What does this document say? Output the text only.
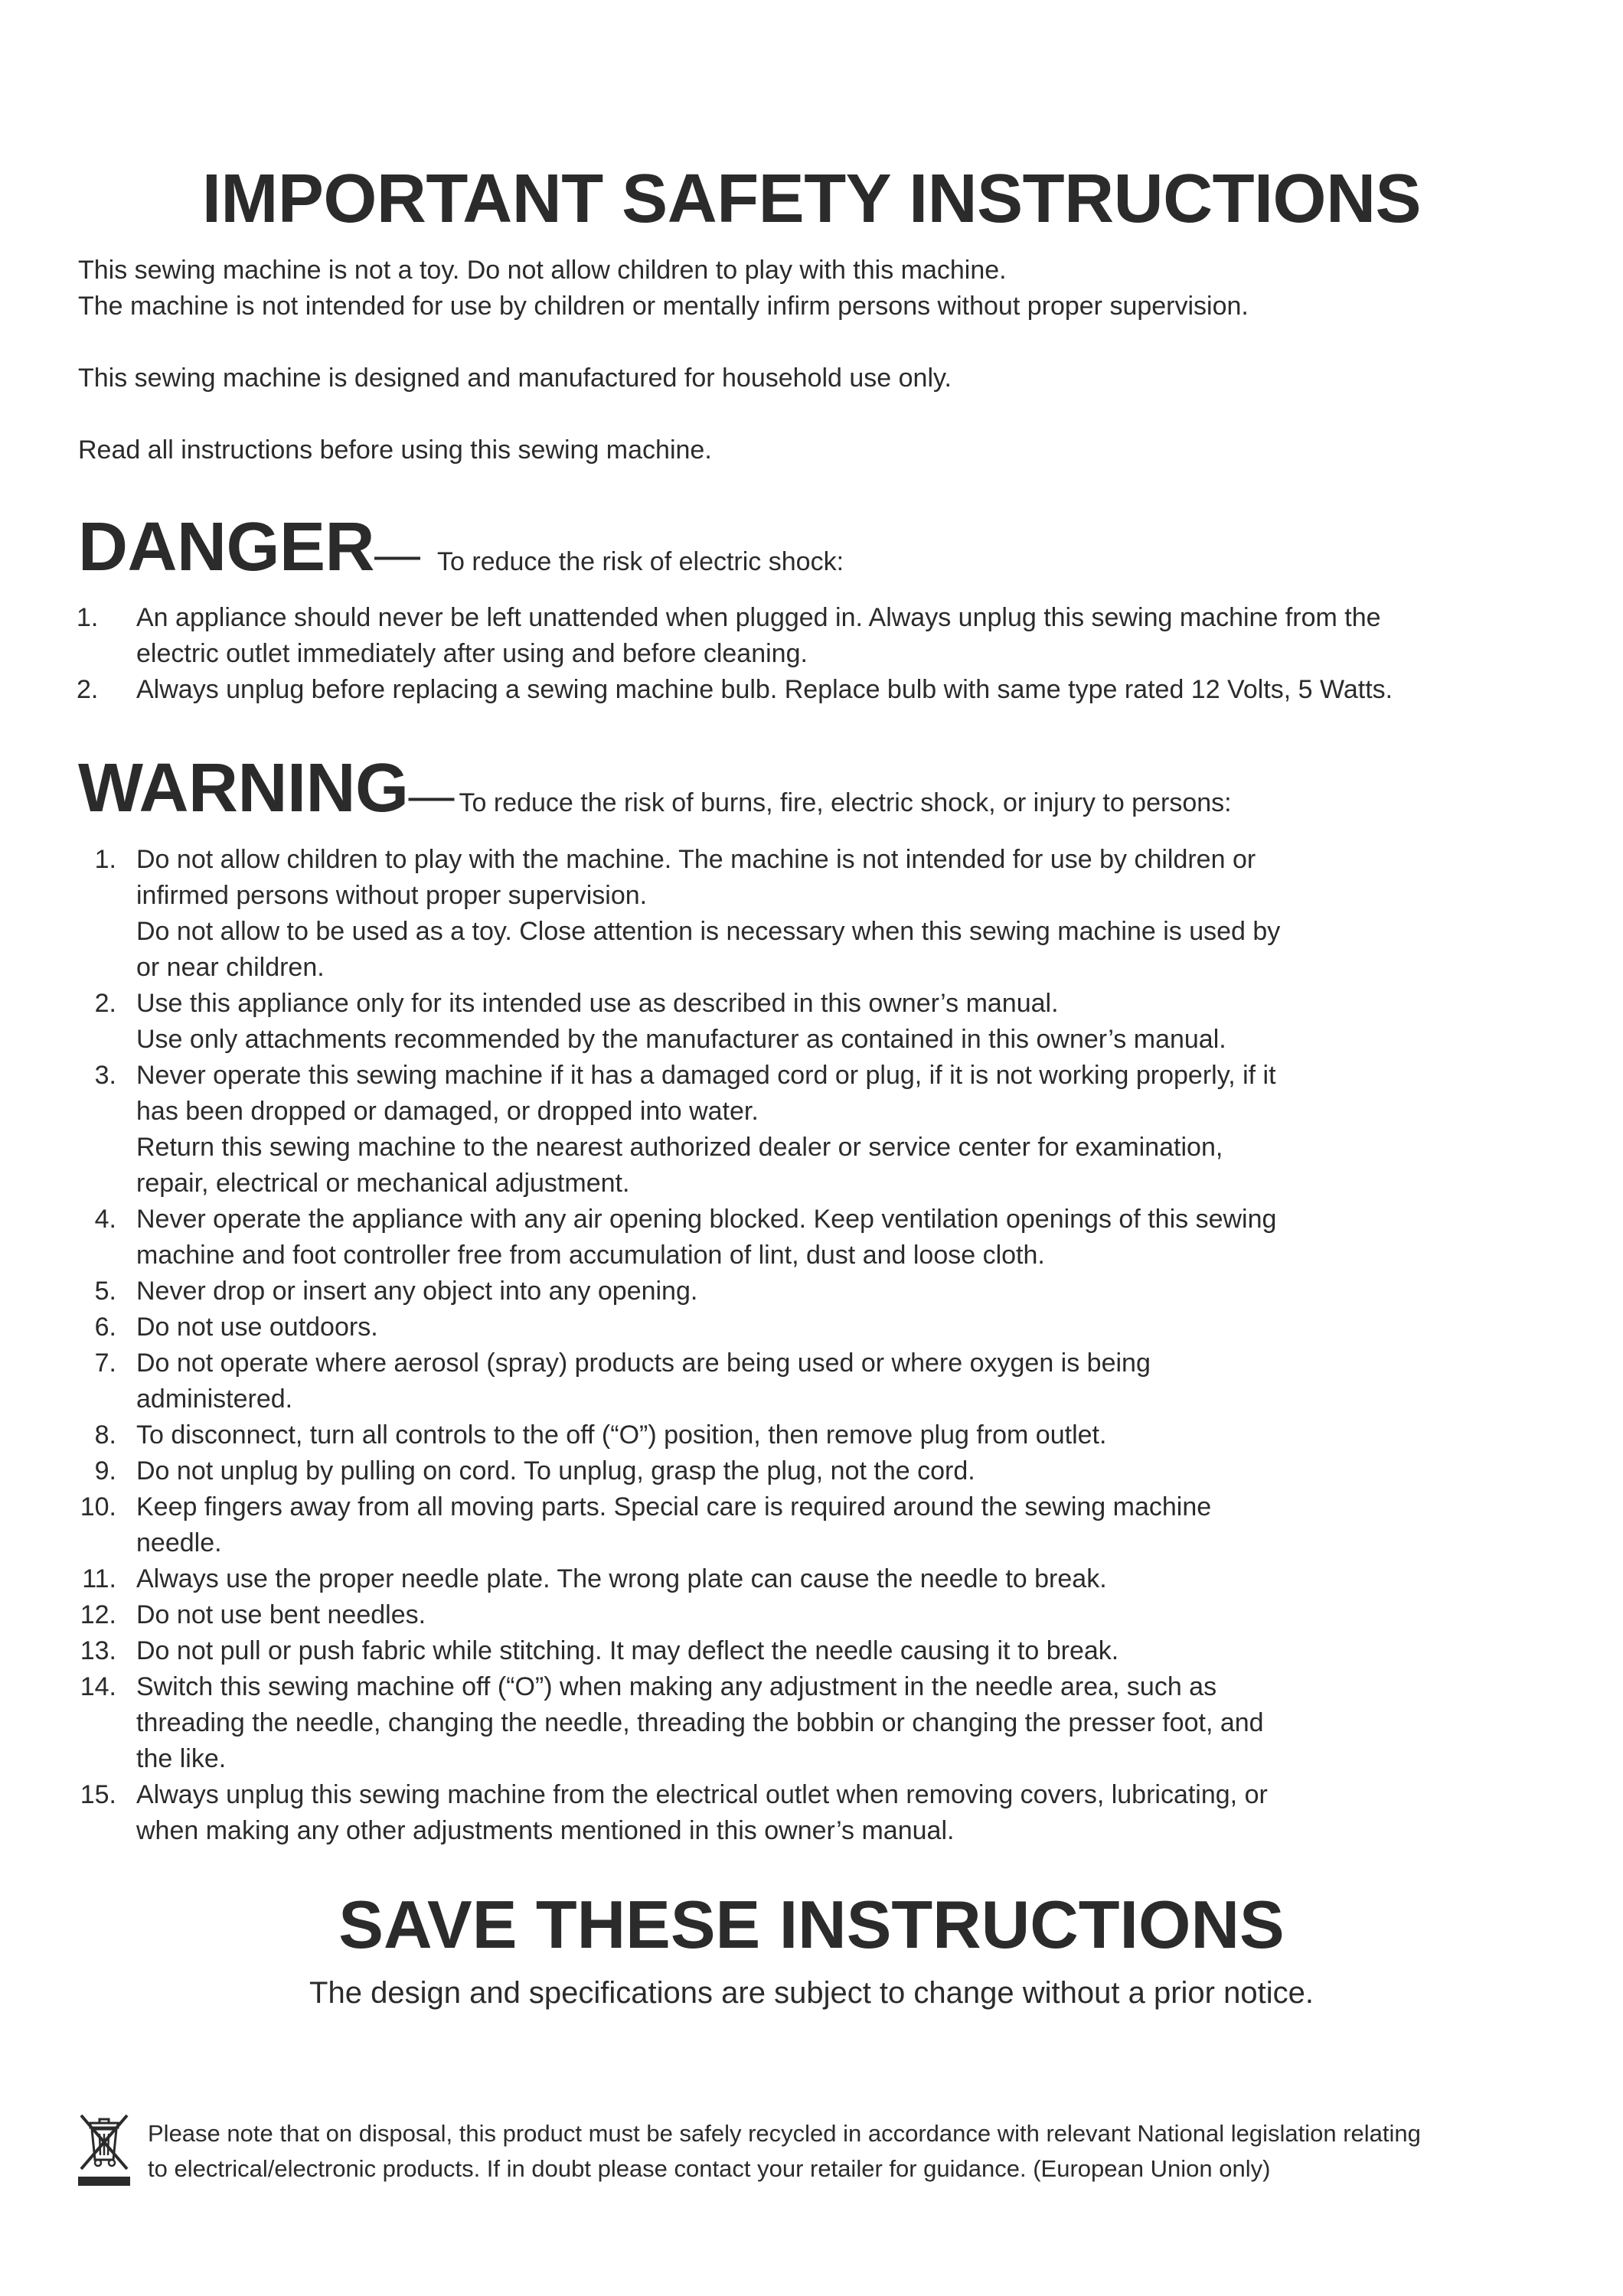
IMPORTANT SAFETY INSTRUCTIONS

This sewing machine is not a toy. Do not allow children to play with this machine.

The machine is not intended for use by children or mentally infirm persons without proper supervision.

This sewing machine is designed and manufactured for household use only.

Read all instructions before using this sewing machine.

DANGER— To reduce the risk of electric shock:
1. An appliance should never be left unattended when plugged in. Always unplug this sewing machine from the
electric outlet immediately after using and before cleaning.
2. Always unplug before replacing a sewing machine bulb. Replace bulb with same type rated 12 Volts, 5 Watts.
WARNING— To reduce the risk of burns, fire, electric shock, or injury to persons:
1. Do not allow children to play with the machine. The machine is not intended for use by children or
infirmed persons without proper supervision.
Do not allow to be used as a toy. Close attention is necessary when this sewing machine is used by
or near children.
2. Use this appliance only for its intended use as described in this owner’s manual.
Use only attachments recommended by the manufacturer as contained in this owner’s manual.
3. Never operate this sewing machine if it has a damaged cord or plug, if it is not working properly, if it
has been dropped or damaged, or dropped into water.
Return this sewing machine to the nearest authorized dealer or service center for examination,
repair, electrical or mechanical adjustment.
4. Never operate the appliance with any air opening blocked. Keep ventilation openings of this sewing
machine and foot controller free from accumulation of lint, dust and loose cloth.
5. Never drop or insert any object into any opening.
6. Do not use outdoors.
7. Do not operate where aerosol (spray) products are being used or where oxygen is being
administered.
8. To disconnect, turn all controls to the off (“O”) position, then remove plug from outlet.
9. Do not unplug by pulling on cord. To unplug, grasp the plug, not the cord.
10. Keep fingers away from all moving parts. Special care is required around the sewing machine
needle.
11. Always use the proper needle plate. The wrong plate can cause the needle to break.
12. Do not use bent needles.
13. Do not pull or push fabric while stitching. It may deflect the needle causing it to break.
14. Switch this sewing machine off (“O”) when making any adjustment in the needle area, such as
threading the needle, changing the needle, threading the bobbin or changing the presser foot, and
the like.
15. Always unplug this sewing machine from the electrical outlet when removing covers, lubricating, or
when making any other adjustments mentioned in this owner’s manual.
SAVE THESE INSTRUCTIONS
The design and specifications are subject to change without a prior notice.
Please note that on disposal, this product must be safely recycled in accordance with relevant National legislation relating
to electrical/electronic products. If in doubt please contact your retailer for guidance. (European Union only)
